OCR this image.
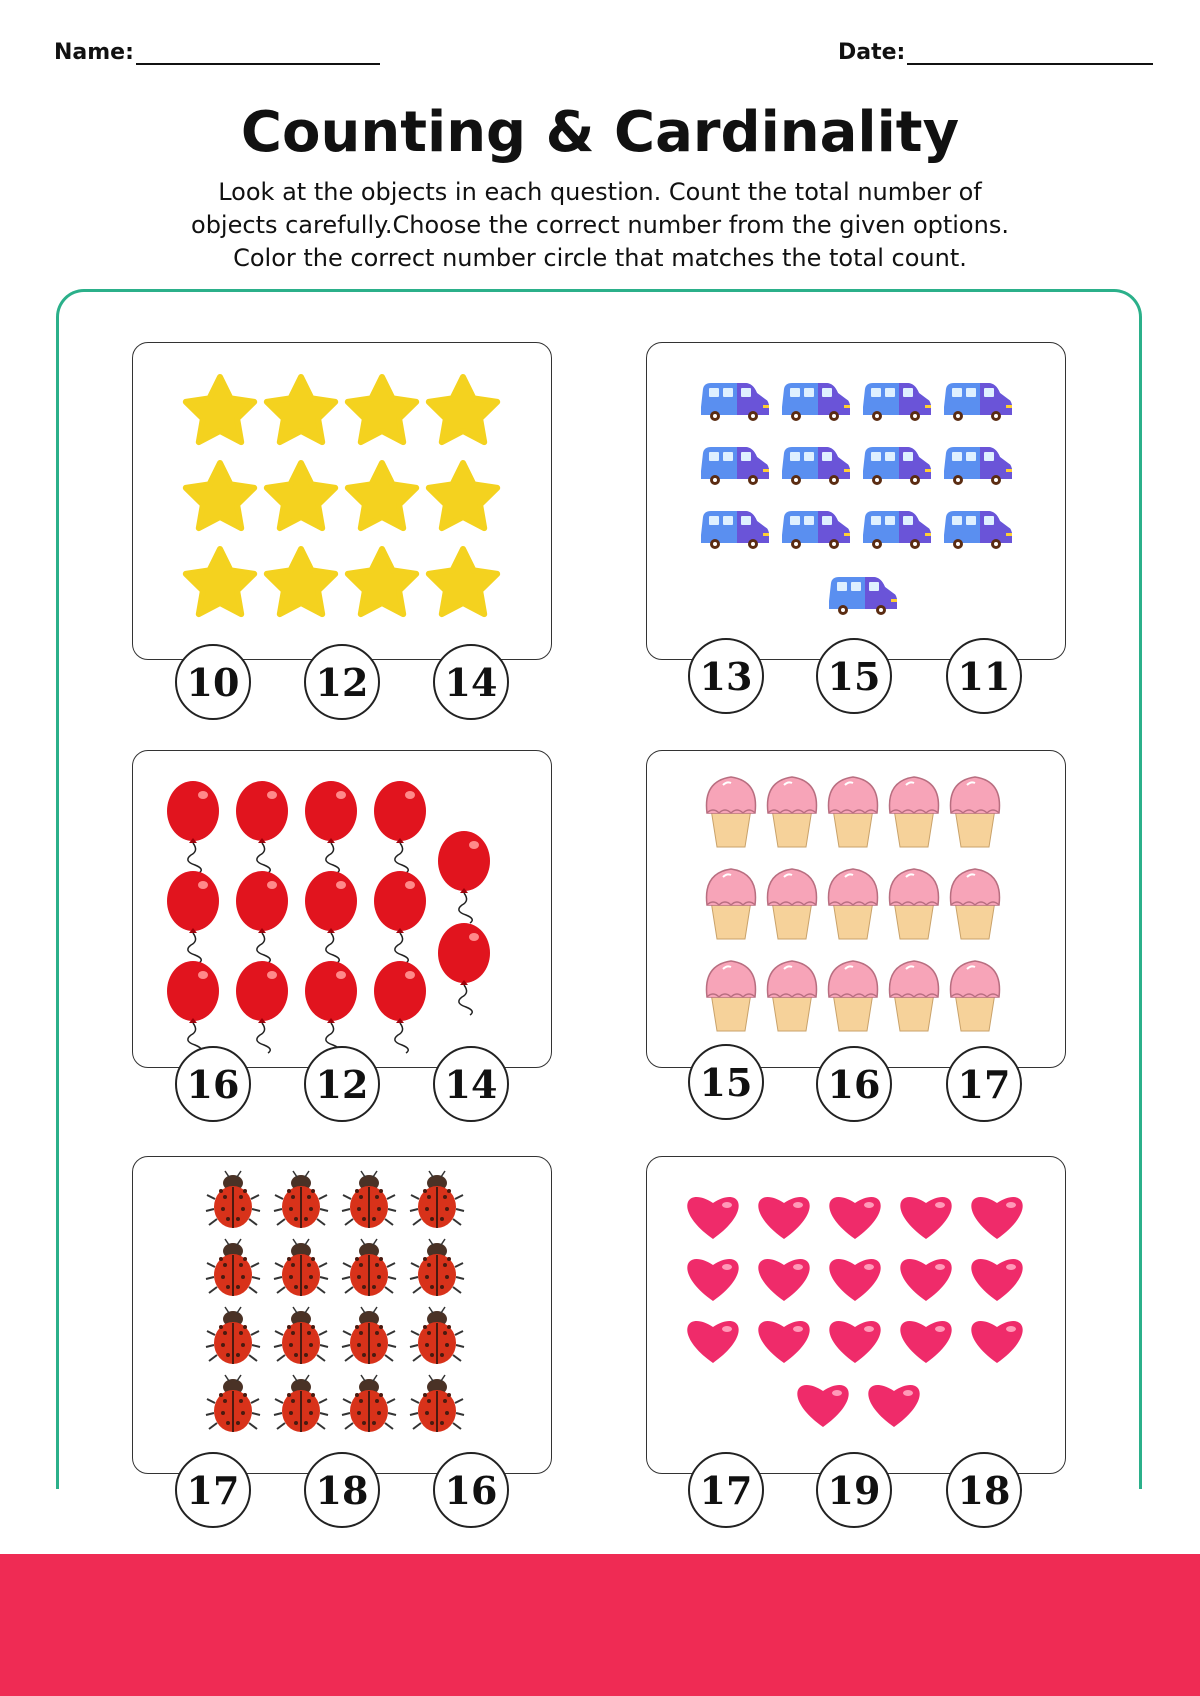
Name:	Date:
Counting & Cardinality
Look at the objects in each question. Count the total number of
objects carefully.Choose the correct number from the given options.
Color the correct number circle that matches the total count.
10	12	14	13	15	11
16	12	14	15	16	17
17	18	16	17	19	18
